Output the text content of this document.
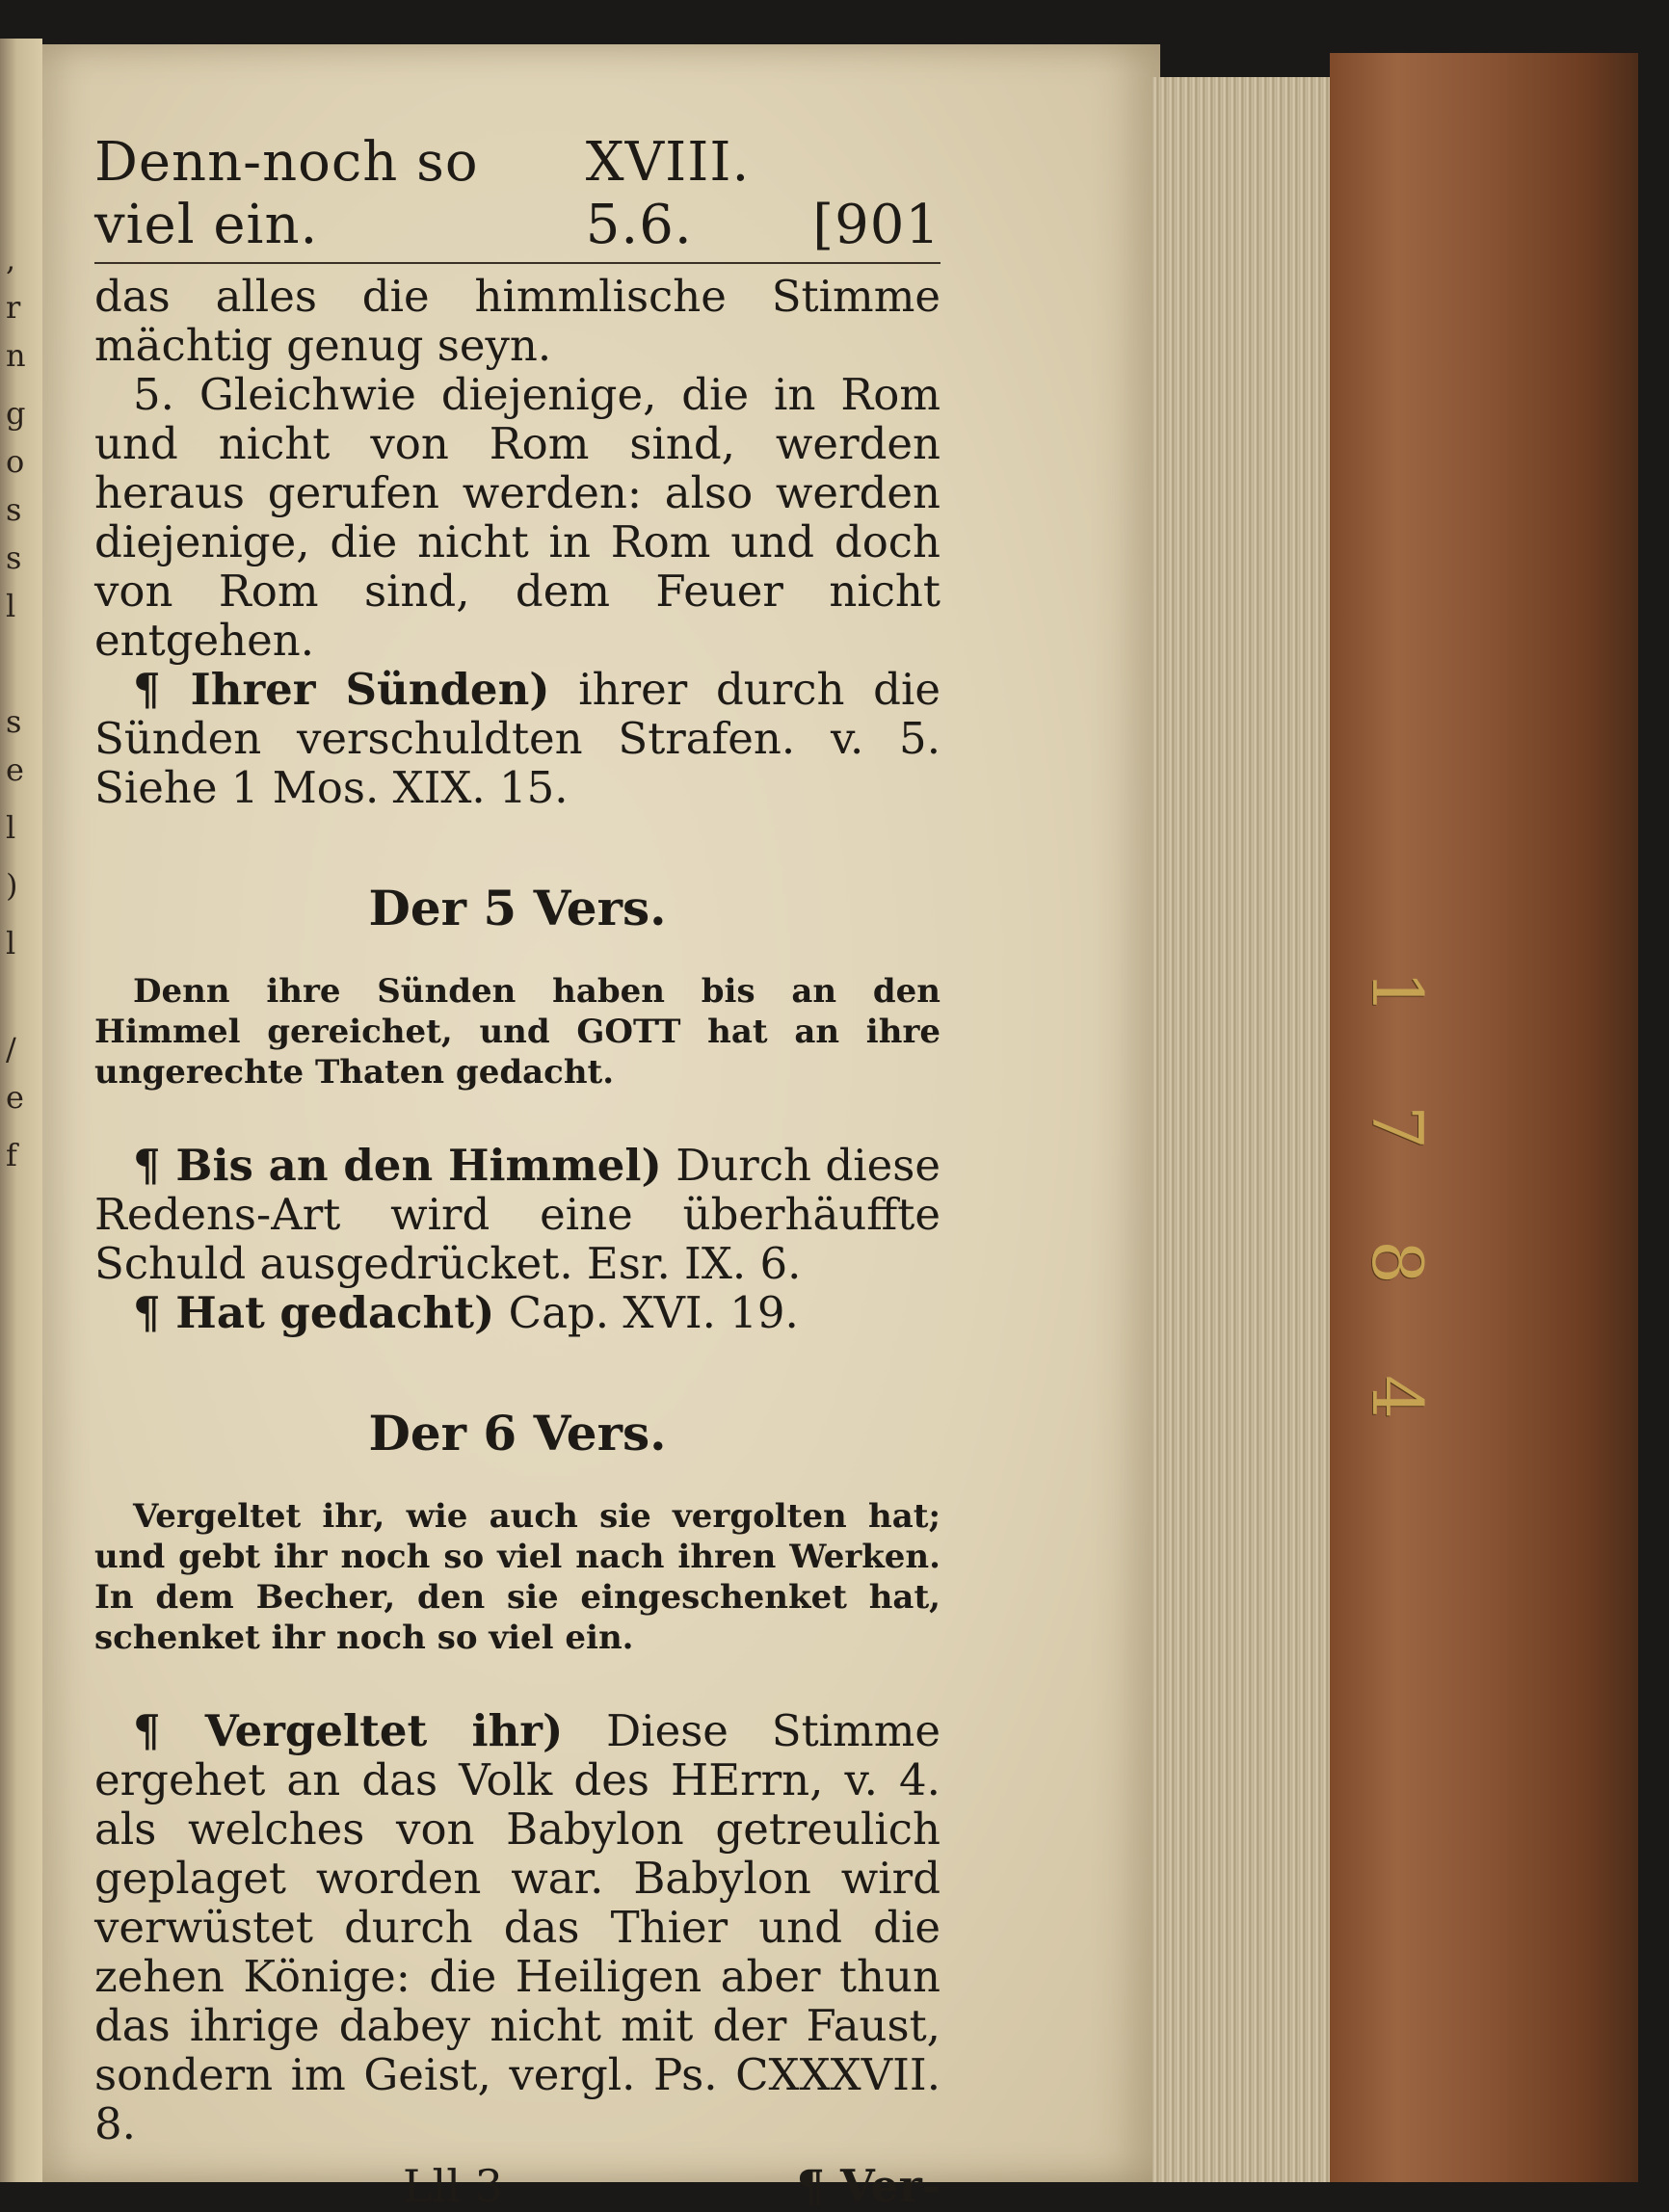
,
r
n
g
o
s
s
l
s
e
l
)
l
/
e
f
1
7
8
4
Denn-noch so viel ein.
XVIII. 5.6.	[901

das alles die himmlische Stimme mächtig genug seyn.

5. Gleichwie diejenige, die in Rom und nicht von Rom sind, werden heraus gerufen werden: also werden diejenige, die nicht in Rom und doch von Rom sind, dem Feuer nicht entgehen.

¶ Ihrer Sünden) ihrer durch die Sünden verschuldten Strafen. v. 5. Siehe 1 Mos. XIX. 15.

Der 5 Vers.

Denn ihre Sünden haben bis an den Himmel gereichet, und GOTT hat an ihre ungerechte Thaten gedacht.

¶ Bis an den Himmel) Durch diese Redens-Art wird eine überhäuffte Schuld ausgedrücket. Esr. IX. 6.

¶ Hat gedacht) Cap. XVI. 19.

Der 6 Vers.

Vergeltet ihr, wie auch sie vergolten hat; und gebt ihr noch so viel nach ihren Werken. In dem Becher, den sie eingeschenket hat, schenket ihr noch so viel ein.

¶ Vergeltet ihr) Diese Stimme ergehet an das Volk des HErrn, v. 4. als welches von Babylon getreulich geplaget worden war. Babylon wird verwüstet durch das Thier und die zehen Könige: die Heiligen aber thun das ihrige dabey nicht mit der Faust, sondern im Geist, vergl. Ps. CXXXVII. 8.

Lll 3	¶ Ver-
